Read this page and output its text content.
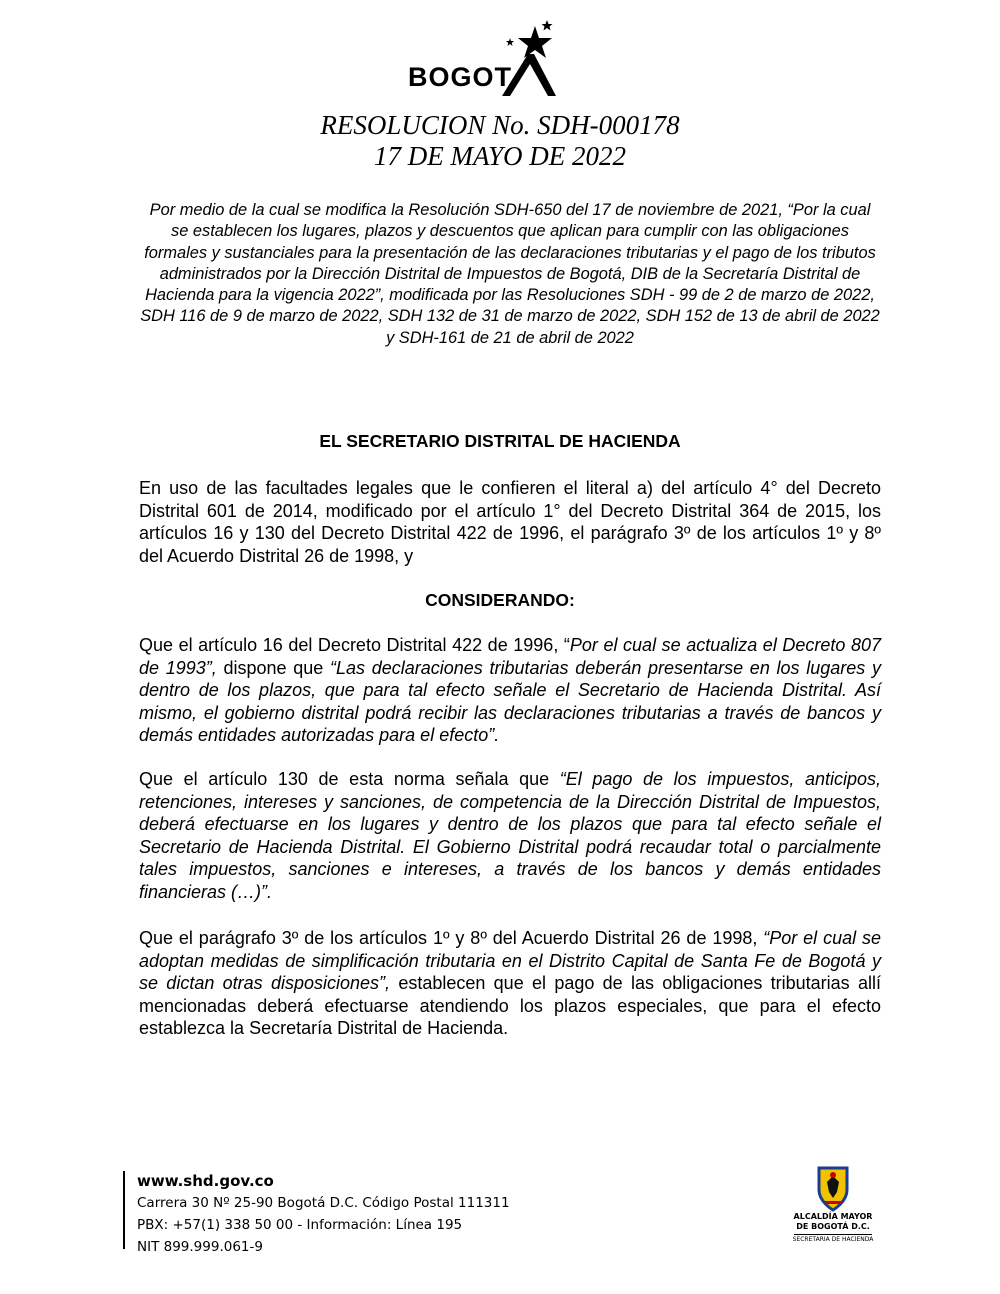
BOGOT
RESOLUCION No. SDH-000178
17 DE MAYO DE 2022
Por medio de la cual se modifica la Resolución SDH-650 del 17 de noviembre de 2021, “Por la cual se establecen los lugares, plazos y descuentos que aplican para cumplir con las obligaciones formales y sustanciales para la presentación de las declaraciones tributarias y el pago de los tributos administrados por la Dirección Distrital de Impuestos de Bogotá, DIB de la Secretaría Distrital de Hacienda para la vigencia 2022”, modificada por las Resoluciones SDH - 99 de 2 de marzo de 2022, SDH 116 de 9 de marzo de 2022, SDH 132 de 31 de marzo de 2022, SDH 152 de 13 de abril de 2022 y SDH-161 de 21 de abril de 2022
EL SECRETARIO DISTRITAL DE HACIENDA

En uso de las facultades legales que le confieren el literal a) del artículo 4° del Decreto Distrital 601 de 2014, modificado por el artículo 1° del Decreto Distrital 364 de 2015, los artículos 16 y 130 del Decreto Distrital 422 de 1996, el parágrafo 3º de los artículos 1º y 8º del Acuerdo Distrital 26 de 1998, y

CONSIDERANDO:

Que el artículo 16 del Decreto Distrital 422 de 1996, “Por el cual se actualiza el Decreto 807 de 1993”, dispone que “Las declaraciones tributarias deberán presentarse en los lugares y dentro de los plazos, que para tal efecto señale el Secretario de Hacienda Distrital. Así mismo, el gobierno distrital podrá recibir las declaraciones tributarias a través de bancos y demás entidades autorizadas para el efecto”.

Que el artículo 130 de esta norma señala que “El pago de los impuestos, anticipos, retenciones, intereses y sanciones, de competencia de la Dirección Distrital de Impuestos, deberá efectuarse en los lugares y dentro de los plazos que para tal efecto señale el Secretario de Hacienda Distrital. El Gobierno Distrital podrá recaudar total o parcialmente tales impuestos, sanciones e intereses, a través de los bancos y demás entidades financieras (…)”.

Que el parágrafo 3º de los artículos 1º y 8º del Acuerdo Distrital 26 de 1998, “Por el cual se adoptan medidas de simplificación tributaria en el Distrito Capital de Santa Fe de Bogotá y se dictan otras disposiciones”, establecen que el pago de las obligaciones tributarias allí mencionadas deberá efectuarse atendiendo los plazos especiales, que para el efecto establezca la Secretaría Distrital de Hacienda.

www.shd.gov.co
Carrera 30 Nº 25-90 Bogotá D.C. Código Postal 111311
PBX: +57(1) 338 50 00 - Información: Línea 195
NIT 899.999.061-9
ALCALDÍA MAYOR
DE BOGOTÁ D.C.
SECRETARIA DE HACIENDA
